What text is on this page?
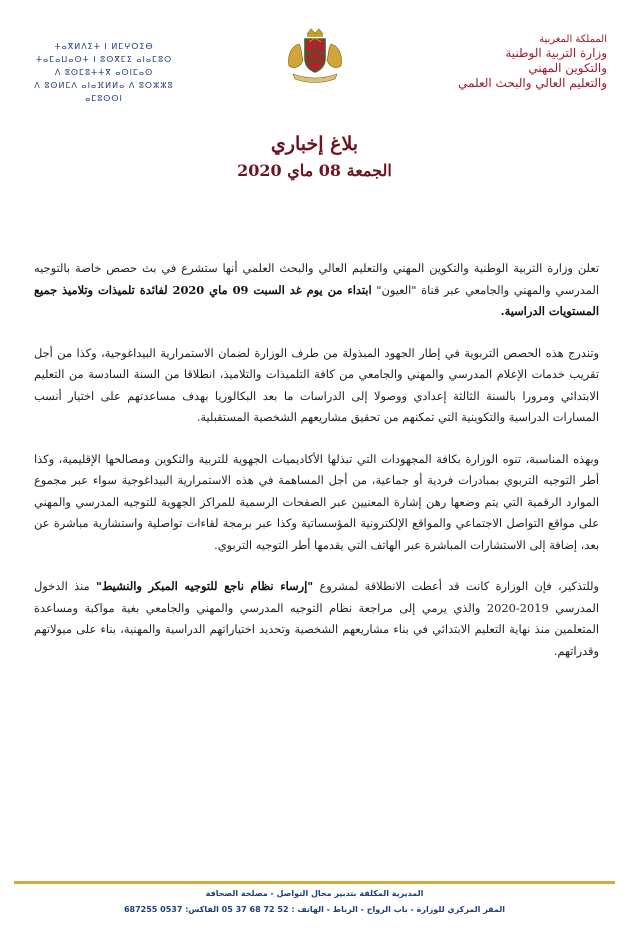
المملكة المغربية
وزارة التربية الوطنية
والتكوين المهني
والتعليم العالي والبحث العلمي
ⵜⴰⴳⵍⴷⵉⵜ ⵏ ⵍⵎⵖⵔⵉⴱ
ⵜⴰⵎⴰⵡⴰⵙⵜ ⵏ ⵓⵙⴳⵎⵉ ⴰⵏⴰⵎⵓⵔ
ⴷ ⵓⵙⵎⵓⵜⵜⴳ ⴰⵙⵏⵎⴰⵙ
ⴷ ⵓⵙⵍⵎⴷ ⴰⵏⴰⴼⵍⵍⴰ ⴷ ⵓⵔⵣⵣⵓ ⴰⵎⵓⵙⵙⵏ
بلاغ إخباري
الجمعة 08 ماي 2020

تعلن وزارة التربية الوطنية والتكوين المهني والتعليم العالي والبحث العلمي أنها ستشرع في بث حصص خاصة بالتوجيه المدرسي والمهني والجامعي عبر قناة "العيون" ابتداء من يوم غد السبت 09 ماي 2020 لفائدة تلميذات وتلاميذ جميع المستويات الدراسية.

وتندرج هذه الحصص التربوية في إطار الجهود المبذولة من طرف الوزارة لضمان الاستمرارية البيداغوجية، وكذا من أجل تقريب خدمات الإعلام المدرسي والمهني والجامعي من كافة التلميذات والتلاميذ، انطلاقا من السنة السادسة من التعليم الابتدائي ومرورا بالسنة الثالثة إعدادي ووصولا إلى الدراسات ما بعد البكالوريا بهدف مساعدتهم على اختيار أنسب المسارات الدراسية والتكوينية التي تمكنهم من تحقيق مشاريعهم الشخصية المستقبلية.

وبهذه المناسبة، تنوه الوزارة بكافة المجهودات التي تبذلها الأكاديميات الجهوية للتربية والتكوين ومصالحها الإقليمية، وكذا أطر التوجيه التربوي بمبادرات فردية أو جماعية، من أجل المساهمة في هذه الاستمرارية البيداغوجية سواء عبر مجموع الموارد الرقمية التي يتم وضعها رهن إشارة المعنيين عبر الصفحات الرسمية للمراكز الجهوية للتوجيه المدرسي والمهني على مواقع التواصل الاجتماعي والمواقع الإلكترونية المؤسساتية وكذا عبر برمجة لقاءات تواصلية واستشارية مباشرة عن بعد، إضافة إلى الاستشارات المباشرة عبر الهاتف التي يقدمها أطر التوجيه التربوي.

وللتذكير، فإن الوزارة كانت قد أعطت الانطلاقة لمشروع "إرساء نظام ناجع للتوجيه المبكر والنشيط" منذ الدخول المدرسي 2019-2020 والذي يرمي إلى مراجعة نظام التوجيه المدرسي والمهني والجامعي بغية مواكبة ومساعدة المتعلمين منذ نهاية التعليم الابتدائي في بناء مشاريعهم الشخصية وتحديد اختياراتهم الدراسية والمهنية، بناء على ميولاتهم وقدراتهم.

المديرية المكلفة بتدبير مجال التواصل - مصلحة الصحافة
المقر المركزي للوزارة - باب الرواح - الرباط - الهاتف : 52 72 68 37 05 الفاكس: 0537 687255
